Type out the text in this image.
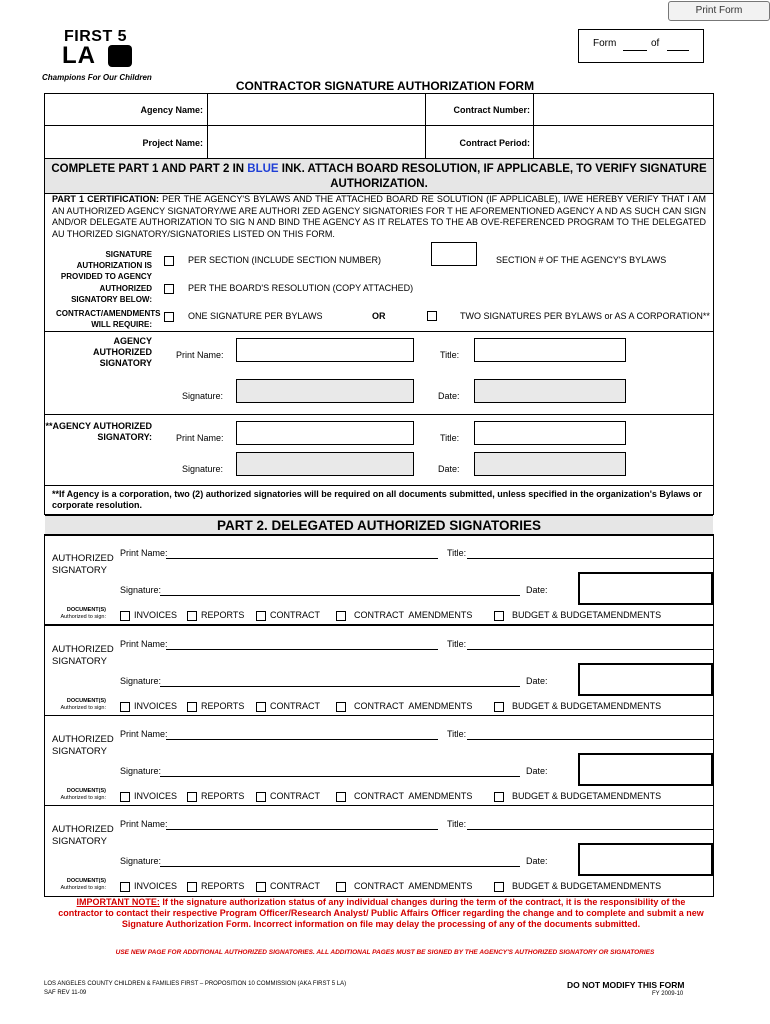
Print Form
FIRST 5
LA
Champions For Our Children
Form	of
CONTRACTOR SIGNATURE AUTHORIZATION FORM
Agency Name:	Contract Number:
Project Name:	Contract Period:
COMPLETE PART 1 AND PART 2 IN BLUE INK. ATTACH BOARD RESOLUTION, IF APPLICABLE, TO VERIFY SIGNATURE
AUTHORIZATION.
PART 1 CERTIFICATION: PER THE AGENCY'S BYLAWS AND THE ATTACHED BOARD RE SOLUTION (IF APPLICABLE), I/WE HEREBY VERIFY THAT I AM AN AUTHORIZED AGENCY SIGNATORY/WE ARE AUTHORI ZED AGENCY SIGNATORIES FOR T HE AFOREMENTIONED AGENCY A ND AS SUCH CAN SIGN AND/OR DELEGATE AUTHORIZATION TO SIG N AND BIND THE AGENCY AS IT RELATES TO THE AB OVE-REFERENCED PROGRAM TO THE DELEGATED AU THORIZED SIGNATORY/SIGNATORIES LISTED ON THIS FORM.
SIGNATURE AUTHORIZATION IS PROVIDED TO AGENCY
PER SECTION (INCLUDE SECTION NUMBER)	SECTION # OF THE AGENCY'S BYLAWS
AUTHORIZED SIGNATORY BELOW:
PER THE BOARD'S RESOLUTION (COPY ATTACHED)
CONTRACT/AMENDMENTS WILL REQUIRE:
ONE SIGNATURE PER BYLAWS	OR	TWO SIGNATURES PER BYLAWS or AS A CORPORATION**
AGENCY AUTHORIZED SIGNATORY
Print Name:	Title:
Signature:	Date:
**AGENCY AUTHORIZED SIGNATORY:	Print Name:	Title:
Signature:	Date:
**If Agency is a corporation, two (2) authorized signatories will be required on all documents submitted, unless specified in the organization's Bylaws or corporate resolution.
PART 2. DELEGATED AUTHORIZED SIGNATORIES
AUTHORIZED SIGNATORY
Print Name:	Title:
Signature:	Date:
DOCUMENT(S)
Authorized to sign:	INVOICES	REPORTS	CONTRACT	CONTRACT  AMENDMENTS	BUDGET & BUDGETAMENDMENTS
AUTHORIZED SIGNATORY
Print Name:	Title:
Signature:	Date:
DOCUMENT(S)
Authorized to sign:	INVOICES	REPORTS	CONTRACT	CONTRACT  AMENDMENTS	BUDGET & BUDGETAMENDMENTS
AUTHORIZED SIGNATORY
Print Name:	Title:
Signature:	Date:
DOCUMENT(S)
Authorized to sign:	INVOICES	REPORTS	CONTRACT	CONTRACT  AMENDMENTS	BUDGET & BUDGETAMENDMENTS
AUTHORIZED SIGNATORY
Print Name:	Title:
Signature:	Date:
DOCUMENT(S)
Authorized to sign:	INVOICES	REPORTS	CONTRACT	CONTRACT  AMENDMENTS	BUDGET & BUDGETAMENDMENTS
IMPORTANT NOTE: If the signature authorization status of any individual changes during the term of the contract, it is the responsibility of the contractor to contact their respective Program Officer/Research Analyst/ Public Affairs Officer regarding the change and to complete and submit a new Signature Authorization Form. Incorrect information on file may delay the processing of any of the documents submitted.
USE NEW PAGE FOR ADDITIONAL AUTHORIZED SIGNATORIES. ALL ADDITIONAL PAGES MUST BE SIGNED BY THE AGENCY'S AUTHORIZED SIGNATORY OR SIGNATORIES
LOS ANGELES COUNTY CHILDREN & FAMILIES FIRST – PROPOSITION 10 COMMISSION (AKA FIRST 5 LA)
SAF REV 11-09
DO NOT MODIFY THIS FORM
FY 2009-10
